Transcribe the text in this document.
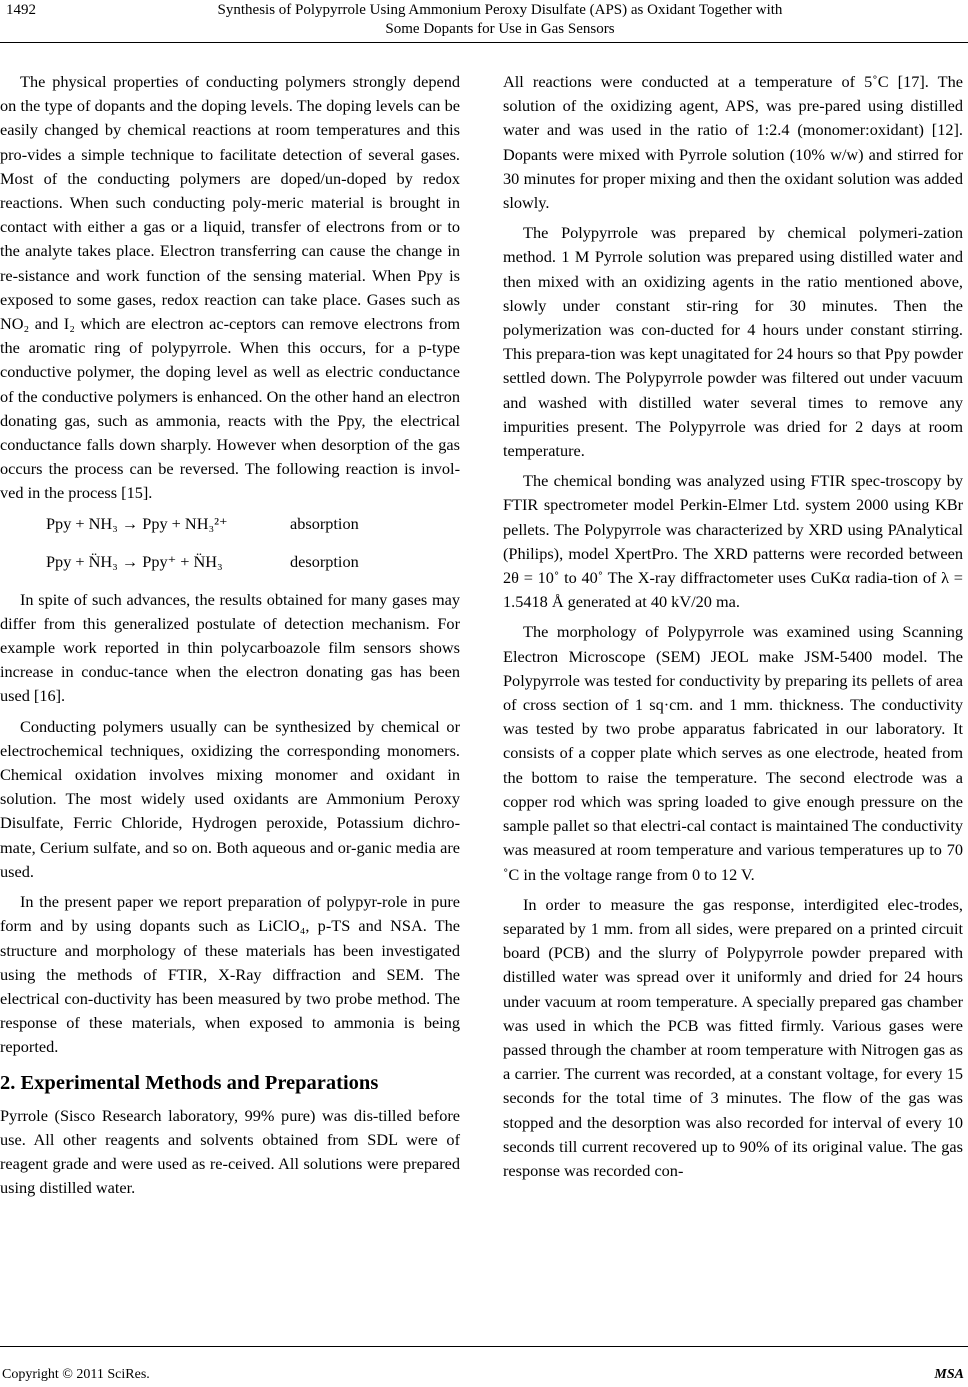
1492	Synthesis of Polypyrrole Using Ammonium Peroxy Disulfate (APS) as Oxidant Together with
Some Dopants for Use in Gas Sensors

The physical properties of conducting polymers strongly depend on the type of dopants and the doping levels. The doping levels can be easily changed by chemical reactions at room temperatures and this pro-vides a simple technique to facilitate detection of several gases. Most of the conducting polymers are doped/un-doped by redox reactions. When such conducting poly-meric material is brought in contact with either a gas or a liquid, transfer of electrons from or to the analyte takes place. Electron transferring can cause the change in re-sistance and work function of the sensing material. When Ppy is exposed to some gases, redox reaction can take place. Gases such as NO₂ and I₂ which are electron ac-ceptors can remove electrons from the aromatic ring of polypyrrole. When this occurs, for a p-type conductive polymer, the doping level as well as electric conductance of the conductive polymers is enhanced. On the other hand an electron donating gas, such as ammonia, reacts with the Ppy, the electrical conductance falls down sharply. However when desorption of the gas occurs the process can be reversed. The following reaction is invol-ved in the process [15].

Ppy + NH₃ → Ppy + NH₃²⁺	absorption
Ppy + N̈H₃ → Ppy⁺ + N̈H₃	desorption

In spite of such advances, the results obtained for many gases may differ from this generalized postulate of detection mechanism. For example work reported in thin polycarboazole film sensors shows increase in conduc-tance when the electron donating gas has been used [16].

Conducting polymers usually can be synthesized by chemical or electrochemical techniques, oxidizing the corresponding monomers. Chemical oxidation involves mixing monomer and oxidant in solution. The most widely used oxidants are Ammonium Peroxy Disulfate, Ferric Chloride, Hydrogen peroxide, Potassium dichro-mate, Cerium sulfate, and so on. Both aqueous and or-ganic media are used.

In the present paper we report preparation of polypyr-role in pure form and by using dopants such as LiClO₄, p-TS and NSA. The structure and morphology of these materials has been investigated using the methods of FTIR, X-Ray diffraction and SEM. The electrical con-ductivity has been measured by two probe method. The response of these materials, when exposed to ammonia is being reported.

2. Experimental Methods and Preparations

Pyrrole (Sisco Research laboratory, 99% pure) was dis-tilled before use. All other reagents and solvents obtained from SDL were of reagent grade and were used as re-ceived. All solutions were prepared using distilled water.

All reactions were conducted at a temperature of 5˚C [17]. The solution of the oxidizing agent, APS, was pre-pared using distilled water and was used in the ratio of 1:2.4 (monomer:oxidant) [12]. Dopants were mixed with Pyrrole solution (10% w/w) and stirred for 30 minutes for proper mixing and then the oxidant solution was added slowly.

The Polypyrrole was prepared by chemical polymeri-zation method. 1 M Pyrrole solution was prepared using distilled water and then mixed with an oxidizing agents in the ratio mentioned above, slowly under constant stir-ring for 30 minutes. Then the polymerization was con-ducted for 4 hours under constant stirring. This prepara-tion was kept unagitated for 24 hours so that Ppy powder settled down. The Polypyrrole powder was filtered out under vacuum and washed with distilled water several times to remove any impurities present. The Polypyrrole was dried for 2 days at room temperature.

The chemical bonding was analyzed using FTIR spec-troscopy by FTIR spectrometer model Perkin-Elmer Ltd. system 2000 using KBr pellets. The Polypyrrole was characterized by XRD using PAnalytical (Philips), model XpertPro. The XRD patterns were recorded between 2θ = 10˚ to 40˚ The X-ray diffractometer uses CuKα radia-tion of λ = 1.5418 Å generated at 40 kV/20 ma.

The morphology of Polypyrrole was examined using Scanning Electron Microscope (SEM) JEOL make JSM-5400 model. The Polypyrrole was tested for conductivity by preparing its pellets of area of cross section of 1 sq·cm. and 1 mm. thickness. The conductivity was tested by two probe apparatus fabricated in our laboratory. It consists of a copper plate which serves as one electrode, heated from the bottom to raise the temperature. The second electrode was a copper rod which was spring loaded to give enough pressure on the sample pallet so that electri-cal contact is maintained The conductivity was measured at room temperature and various temperatures up to 70 ˚C in the voltage range from 0 to 12 V.

In order to measure the gas response, interdigited elec-trodes, separated by 1 mm. from all sides, were prepared on a printed circuit board (PCB) and the slurry of Polypyrrole powder prepared with distilled water was spread over it uniformly and dried for 24 hours under vacuum at room temperature. A specially prepared gas chamber was used in which the PCB was fitted firmly. Various gases were passed through the chamber at room temperature with Nitrogen gas as a carrier. The current was recorded, at a constant voltage, for every 15 seconds for the total time of 3 minutes. The flow of the gas was stopped and the desorption was also recorded for interval of every 10 seconds till current recovered up to 90% of its original value. The gas response was recorded con-

Copyright © 2011 SciRes.	MSA
